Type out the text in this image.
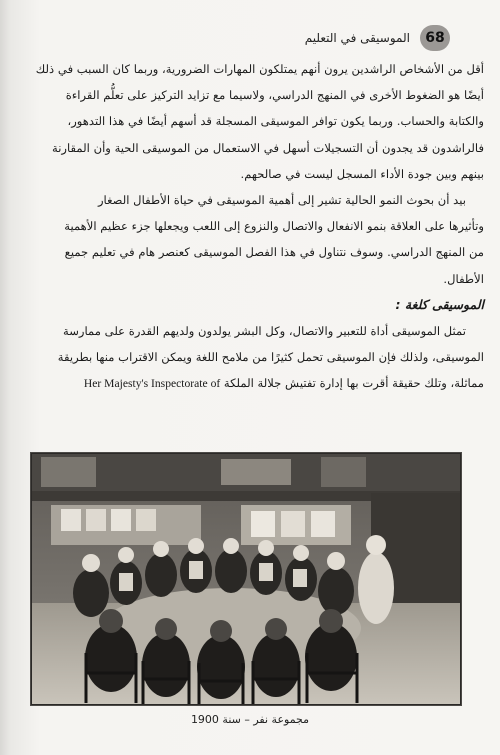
68
الموسيقى في التعليم
أقل من الأشخاص الراشدين يرون أنهم يمتلكون المهارات الضرورية، وربما كان السبب في ذلك
أيضًا هو الضغوط الأخرى في المنهج الدراسي، ولاسيما مع تزايد التركيز على تعلُّم القراءة
والكتابة والحساب. وربما يكون توافر الموسيقى المسجلة قد أسهم أيضًا في هذا التدهور،
فالراشدون قد يجدون أن التسجيلات أسهل في الاستعمال من الموسيقى الحية وأن المقارنة
بينهم وبين جودة الأداء المسجل ليست في صالحهم.
بيد أن بحوث النمو الحالية تشير إلى أهمية الموسيقى في حياة الأطفال الصغار
وتأثيرها على العلاقة بنمو الانفعال والاتصال والنزوع إلى اللعب ويجعلها جزء عظيم الأهمية
من المنهج الدراسي. وسوف نتناول في هذا الفصل الموسيقى كعنصر هام في تعليم جميع
الأطفال.
الموسيقى كلغة :
تمثل الموسيقى أداة للتعبير والاتصال، وكل البشر يولدون ولديهم القدرة على ممارسة
الموسيقى، ولذلك فإن الموسيقى تحمل كثيرًا من ملامح اللغة ويمكن الاقتراب منها بطريقة
مماثلة، وتلك حقيقة أقرت بها إدارة تفتيش جلالة الملكة Her Majesty's Inspectorate of
مجموعة نفر – سنة 1900
